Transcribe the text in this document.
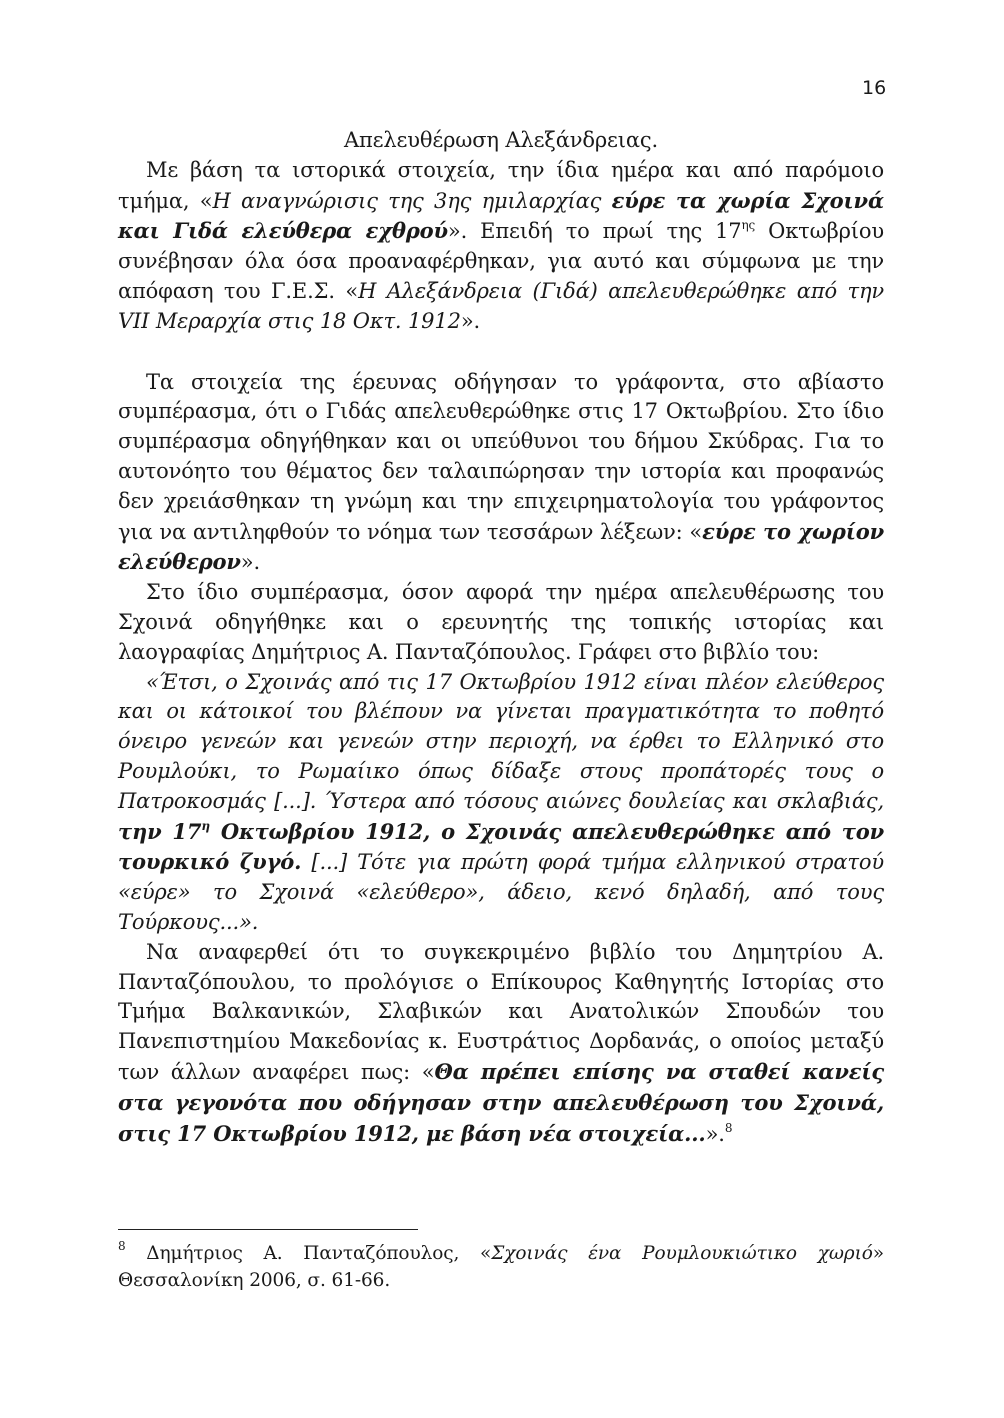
16

Απελευθέρωση Αλεξάνδρειας.

Με βάση τα ιστορικά στοιχεία, την ίδια ημέρα και από παρόμοιο τμήμα, «Η αναγνώρισις της 3ης ημιλαρχίας εύρε τα χωρία Σχοινά και Γιδά ελεύθερα εχθρού». Επειδή το πρωί της $17^{\eta\varsigma}$ Οκτωβρίου συνέβησαν όλα όσα προαναφέρθηκαν, για αυτό και σύμφωνα με την απόφαση του Γ.Ε.Σ. «Η Αλεξάνδρεια (Γιδά) απελευθερώθηκε από την VII Μεραρχία στις 18 Οκτ. 1912».

Τα στοιχεία της έρευνας οδήγησαν το γράφοντα, στο αβίαστο συμπέρασμα, ότι ο Γιδάς απελευθερώθηκε στις 17 Οκτωβρίου. Στο ίδιο συμπέρασμα οδηγήθηκαν και οι υπεύθυνοι του δήμου Σκύδρας. Για το αυτονόητο του θέματος δεν ταλαιπώρησαν την ιστορία και προφανώς δεν χρειάσθηκαν τη γνώμη και την επιχειρηματολογία του γράφοντος για να αντιληφθούν το νόημα των τεσσάρων λέξεων: «εύρε το χωρίον ελεύθερον».

Στο ίδιο συμπέρασμα, όσον αφορά την ημέρα απελευθέρωσης του Σχοινά οδηγήθηκε και ο ερευνητής της τοπικής ιστορίας και λαογραφίας Δημήτριος Α. Πανταζόπουλος. Γράφει στο βιβλίο του:

«Έτσι, ο Σχοινάς από τις 17 Οκτωβρίου 1912 είναι πλέον ελεύθερος και οι κάτοικοί του βλέπουν να γίνεται πραγματικότητα το ποθητό όνειρο γενεών και γενεών στην περιοχή, να έρθει το Ελληνικό στο Ρουμλούκι, το Ρωμαίικο όπως δίδαξε στους προπάτορές τους ο Πατροκοσμάς [...]. Ύστερα από τόσους αιώνες δουλείας και σκλαβιάς, την $17^\eta$ Οκτωβρίου 1912, ο Σχοινάς απελευθερώθηκε από τον τουρκικό ζυγό. [...] Τότε για πρώτη φορά τμήμα ελληνικού στρατού «εύρε» το Σχοινά «ελεύθερο», άδειο, κενό δηλαδή, από τους Τούρκους...».

Να αναφερθεί ότι το συγκεκριμένο βιβλίο του Δημητρίου Α. Πανταζόπουλου, το προλόγισε ο Επίκουρος Καθηγητής Ιστορίας στο Τμήμα Βαλκανικών, Σλαβικών και Ανατολικών Σπουδών του Πανεπιστημίου Μακεδονίας κ. Ευστράτιος Δορδανάς, ο οποίος μεταξύ των άλλων αναφέρει πως: «Θα πρέπει επίσης να σταθεί κανείς στα γεγονότα που οδήγησαν στην απελευθέρωση του Σχοινά, στις 17 Οκτωβρίου 1912, με βάση νέα στοιχεία...».$^8$

$^8$ Δημήτριος Α. Πανταζόπουλος, «Σχοινάς ένα Ρουμλουκιώτικο χωριό» Θεσσαλονίκη 2006, σ. 61-66.
